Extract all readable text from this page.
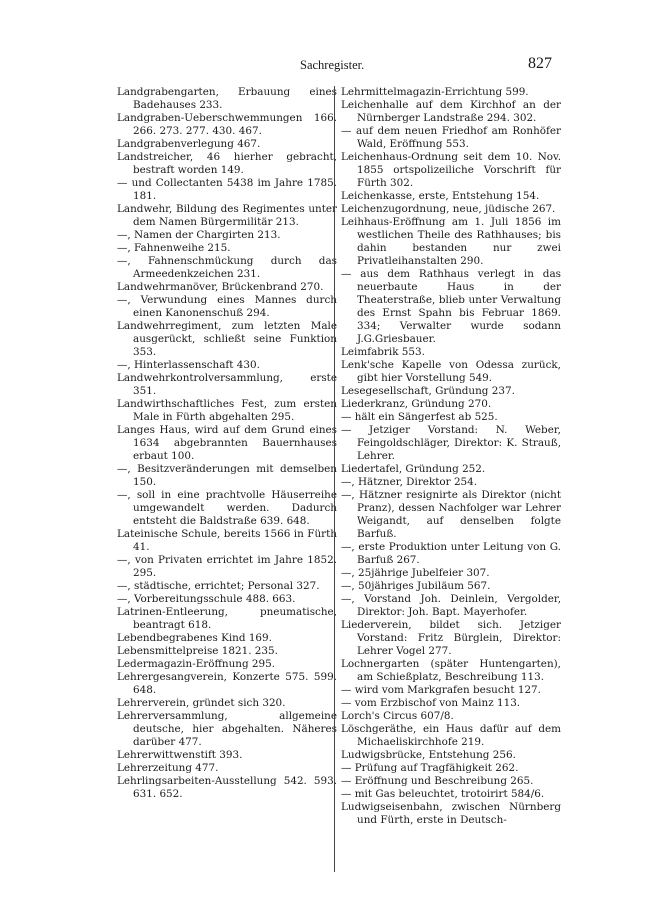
Sachregister.	827

Landgrabengarten, Erbauung eines Badehauses 233.

Landgraben-Ueberschwemmungen 166. 266. 273. 277. 430. 467.

Landgrabenverlegung 467.

Landstreicher, 46 hierher gebracht, bestraft worden 149.

— und Collectanten 5438 im Jahre 1785. 181.

Landwehr, Bildung des Regimentes unter dem Namen Bürgermilitär 213.

—, Namen der Chargirten 213.

—, Fahnenweihe 215.

—, Fahnenschmückung durch das Armeedenkzeichen 231.

Landwehrmanöver, Brückenbrand 270.

—, Verwundung eines Mannes durch einen Kanonenschuß 294.

Landwehrregiment, zum letzten Male ausgerückt, schließt seine Funktion 353.

—, Hinterlassenschaft 430.

Landwehrkontrolversammlung, erste 351.

Landwirthschaftliches Fest, zum ersten Male in Fürth abgehalten 295.

Langes Haus, wird auf dem Grund eines 1634 abgebrannten Bauernhauses erbaut 100.

—, Besitzveränderungen mit demselben 150.

—, soll in eine prachtvolle Häuserreihe umgewandelt werden. Dadurch entsteht die Baldstraße 639. 648.

Lateinische Schule, bereits 1566 in Fürth 41.

—, von Privaten errichtet im Jahre 1852. 295.

—, städtische, errichtet; Personal 327.

—, Vorbereitungsschule 488. 663.

Latrinen-Entleerung, pneumatische, beantragt 618.

Lebendbegrabenes Kind 169.

Lebensmittelpreise 1821. 235.

Ledermagazin-Eröffnung 295.

Lehrergesangverein, Konzerte 575. 599. 648.

Lehrerverein, gründet sich 320.

Lehrerversammlung, allgemeine deutsche, hier abgehalten. Näheres darüber 477.

Lehrerwittwenstift 393.

Lehrerzeitung 477.

Lehrlingsarbeiten-Ausstellung 542. 593. 631. 652.

Lehrmittelmagazin-Errichtung 599.

Leichenhalle auf dem Kirchhof an der Nürnberger Landstraße 294. 302.

— auf dem neuen Friedhof am Ronhöfer Wald, Eröffnung 553.

Leichenhaus-Ordnung seit dem 10. Nov. 1855 ortspolizeiliche Vorschrift für Fürth 302.

Leichenkasse, erste, Entstehung 154.

Leichenzugordnung, neue, jüdische 267.

Leihhaus-Eröffnung am 1. Juli 1856 im westlichen Theile des Rathhauses; bis dahin bestanden nur zwei Privatleihanstalten 290.

— aus dem Rathhaus verlegt in das neuerbaute Haus in der Theaterstraße, blieb unter Verwaltung des Ernst Spahn bis Februar 1869. 334; Verwalter wurde sodann J.G.Griesbauer.

Leimfabrik 553.

Lenk'sche Kapelle von Odessa zurück, gibt hier Vorstellung 549.

Lesegesellschaft, Gründung 237.

Liederkranz, Gründung 270.

— hält ein Sängerfest ab 525.

— Jetziger Vorstand: N. Weber, Feingoldschläger, Direktor: K. Strauß, Lehrer.

Liedertafel, Gründung 252.

—, Hätzner, Direktor 254.

—, Hätzner resignirte als Direktor (nicht Pranz), dessen Nachfolger war Lehrer Weigandt, auf denselben folgte Barfuß.

—, erste Produktion unter Leitung von G. Barfuß 267.

—, 25jährige Jubelfeier 307.

—, 50jähriges Jubiläum 567.

—, Vorstand Joh. Deinlein, Vergolder, Direktor: Joh. Bapt. Mayerhofer.

Liederverein, bildet sich. Jetziger Vorstand: Fritz Bürglein, Direktor: Lehrer Vogel 277.

Lochnergarten (später Huntengarten), am Schießplatz, Beschreibung 113.

— wird vom Markgrafen besucht 127.

— vom Erzbischof von Mainz 113.

Lorch's Circus 607/8.

Löschgeräthe, ein Haus dafür auf dem Michaeliskirchhofe 219.

Ludwigsbrücke, Entstehung 256.

— Prüfung auf Tragfähigkeit 262.

— Eröffnung und Beschreibung 265.

— mit Gas beleuchtet, trotoirirt 584/6.

Ludwigseisenbahn, zwischen Nürnberg und Fürth, erste in Deutsch-
